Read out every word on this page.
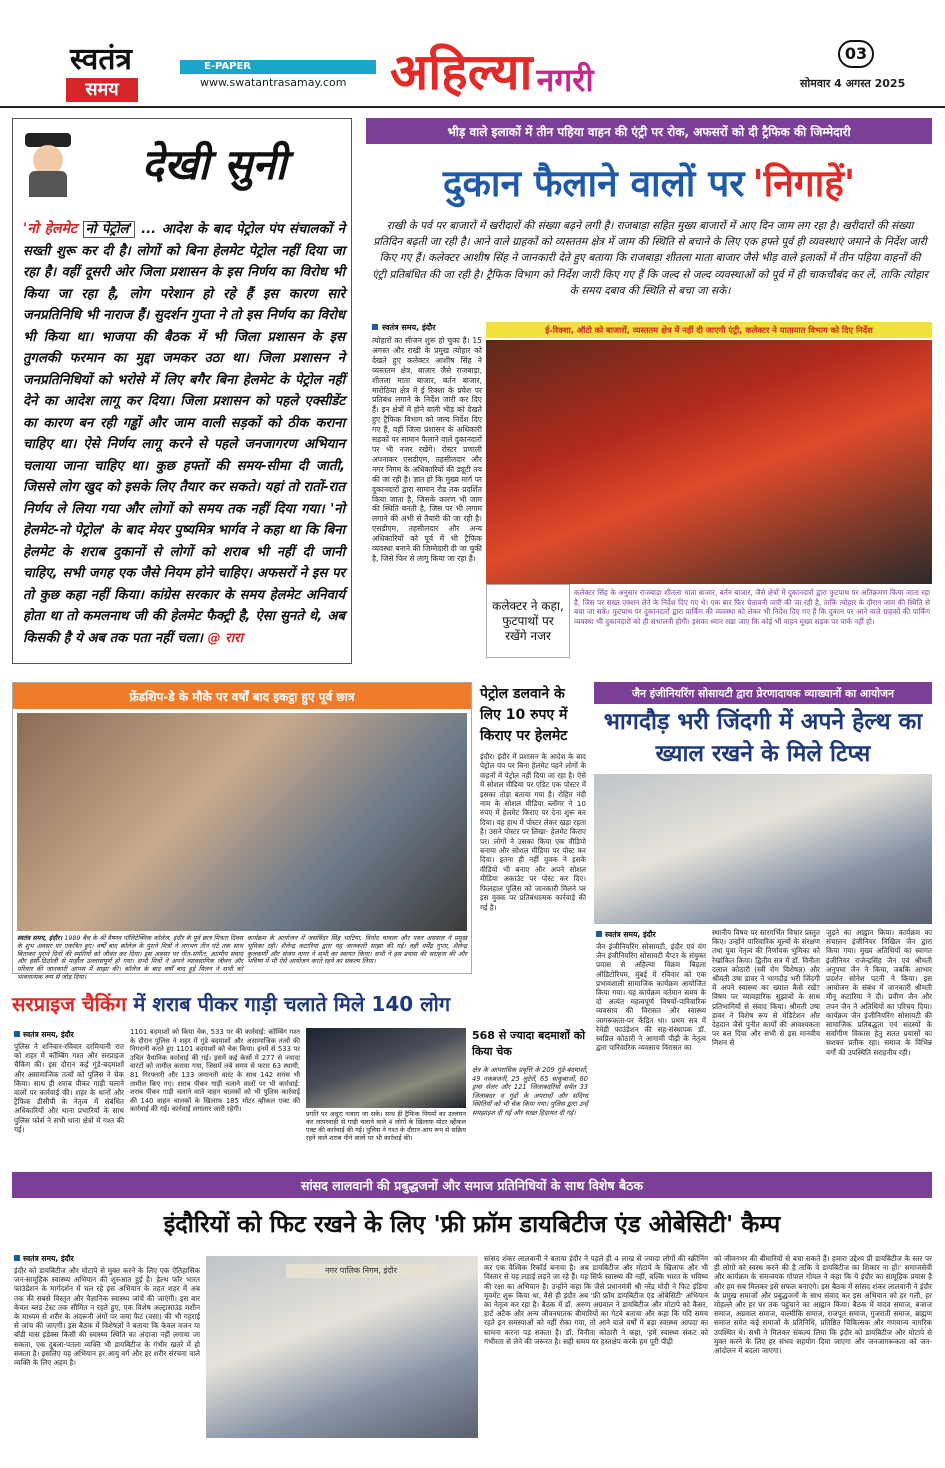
स्वतंत्र
समय
E-PAPER
www.swatantrasamay.com अहिल्या नगरी
03
सोमवार 4 अगस्त 2025
देखी सुनी
'नो हेलमेट नो पेट्रोल' ... आदेश के बाद पेट्रोल पंप संचालकों ने सख्ती शुरू कर दी है। लोगों को बिना हेलमेट पेट्रोल नहीं दिया जा रहा है। वहीं दूसरी ओर जिला प्रशासन के इस निर्णय का विरोध भी किया जा रहा है, लोग परेशान हो रहे हैं इस कारण सारे जनप्रतिनिधि भी नाराज हैं। सुदर्शन गुप्ता ने तो इस निर्णय का विरोध भी किया था। भाजपा की बैठक में भी जिला प्रशासन के इस तुगलकी फरमान का मुद्दा जमकर उठा था। जिला प्रशासन ने जनप्रतिनिधियों को भरोसे में लिए बगैर बिना हेलमेट के पेट्रोल नहीं देने का आदेश लागू कर दिया। जिला प्रशासन को पहले एक्सीडेंट का कारण बन रही गड्ढों और जाम वाली सड़कों को ठीक कराना चाहिए था। ऐसे निर्णय लागू करने से पहले जनजागरण अभियान चलाया जाना चाहिए था। कुछ हफ्तों की समय-सीमा दी जाती, जिससे लोग खुद को इसके लिए तैयार कर सकते। यहां तो रातों-रात निर्णय ले लिया गया और लोगों को समय तक नहीं दिया गया। 'नो हेलमेट-नो पेट्रोल' के बाद मेयर पुष्यमित्र भार्गव ने कहा था कि बिना हेलमेट के शराब दुकानों से लोगों को शराब भी नहीं दी जानी चाहिए, सभी जगह एक जैसे नियम होने चाहिए। अफसरों ने इस पर तो कुछ कहा नहीं किया। कांग्रेस सरकार के समय हेलमेट अनिवार्य होता था तो कमलनाथ जी की हेलमेट फैक्ट्री है, ऐसा सुनते थे, अब किसकी है ये अब तक पता नहीं चला। @ रारा
भीड़ वाले इलाकों में तीन पहिया वाहन की एंट्री पर रोक, अफसरों को दी ट्रैफिक की जिम्मेदारी
दुकान फैलाने वालों पर 'निगाहें'
राखी के पर्व पर बाजारों में खरीदारों की संख्या बढ़ने लगी है। राजबाड़ा सहित मुख्य बाजारों में आए दिन जाम लग रहा है। खरीदारों की संख्या प्रतिदिन बढ़ती जा रही है। आने वाले ग्राहकों को व्यस्ततम क्षेत्र में जाम की स्थिति से बचाने के लिए एक हफ्ते पूर्व ही व्यवस्थाएं जमाने के निर्देश जारी किए गए हैं। कलेक्टर आशीष सिंह ने जानकारी देते हुए बताया कि राजबाड़ा शीतला माता बाजार जैसे भीड़ वाले इलाकों में तीन पहिया वाहनों की एंट्री प्रतिबंधित की जा रही है। ट्रैफिक विभाग को निर्देश जारी किए गए हैं कि जल्द से जल्द व्यवस्थाओं को पूर्व में ही चाकचौबंद कर लें, ताकि त्योहार के समय दबाव की स्थिति से बचा जा सके।
स्वतंत्र समय, इंदौर
त्योहारों का सीजन शुरू हो चुका है। 15 अगस्त और राखी के प्रमुख त्योहार को देखते हुए कलेक्टर आशीष सिंह ने व्यस्ततम क्षेत्र, बाजार जैसे राजबाड़ा, शीतला माता बाजार, बर्तन बाजार, मारोठिया क्षेत्र में ई रिक्शा के प्रवेश पर प्रतिबंध लगाने के निर्देश जारी कर दिए हैं। इन क्षेत्रों में होने वाली भीड़ को देखते हुए ट्रैफिक विभाग को जल्द निर्देश दिए गए हैं, वहीं जिला प्रशासन के अधिकारी सड़कों पर सामान फैलाने वाले दुकानदारों पर भी नजर रखेंगे। रोस्टर प्रणाली अपनाकर एसडीएम, तहसीलदार और नगर निगम के अधिकारियों की ड्यूटी तय की जा रही है। ज्ञात हो कि मुख्य मार्ग पर दुकानदारों द्वारा सामान रोड तक प्रदर्शित किया जाता है, जिसके कारण भी जाम की स्थिति बनती है, जिस पर भी लगाम लगाने की अभी से तैयारी की जा रही है। एसडीएम, तहसीलदार और अन्य अधिकारियों को पूर्व में भी ट्रैफिक व्यवस्था बनाने की जिम्मेदारी दी जा चुकी है, जिसे फिर से लागू किया जा रहा है।
ई-रिक्शा, ऑटो को बाजारों, व्यस्ततम क्षेत्र में नहीं दी जाएगी एंट्री, कलेक्टर ने यातायात विभाग को दिए निर्देश
कलेक्टर ने कहा, फुटपाथों पर रखेंगे नजर
कलेक्टर सिंह के अनुसार राजबाड़ा शीतला माता बाजार, बर्तन बाजार, जैसे क्षेत्रों में दुकानदारों द्वारा फुटपाथ पर अतिक्रमण किया जाता रहा है, जिस पर सख्त एक्शन लेने के निर्देश दिए गए थे। एक बार फिर चेतावनी जारी की जा रही है, ताकि त्योहार के दौरान जाम की स्थिति से बचा जा सके। फुटपाथ पर दुकानदारों द्वारा पार्किंग की व्यवस्था को लेकर भी निर्देश दिए गए हैं कि दुकान पर आने वाले ग्राहकों की पार्किंग व्यवस्था भी दुकानदारों को ही संभालनी होगी। इसका ध्यान रखा जाए कि कोई भी वाहन मुख्य सड़क पर पार्क नहीं हो।
फ्रेंडशिप-डे के मौके पर वर्षों बाद इकट्ठा हुए पूर्व छात्र
स्वतंत्र समय, इंदौर। 1989 बैच के श्री वैष्णव पॉलिटेक्निक कॉलेज, इंदौर के पूर्व छात्र मित्रता दिवस के शुभ अवसर पर एकत्रित हुए। वर्षों बाद कॉलेज के पुराने मित्रों ने लगभग तीन घंटे तक साथ बिताकर पुराने दिनों की स्मृतियों को जीवंत कर दिया। इस अवसर पर गीत-संगीत, आत्मीय संवाद और हंसी-ठिठोली से माहौल उल्लासपूर्ण हो गया। सभी मित्रों ने अपने व्यावसायिक जीवन और परिवार की जानकारी आपस में साझा की। कॉलेज के बाद वर्षों बाद हुई मिलन ने सभी को भावनात्मक रूप से जोड़ दिया।
कार्यक्रम के आयोजन में जसविंदर सिंह भाटिया, विनोद चावला और पवन अग्रवाल ने प्रमुख भूमिका रही। शैलेन्द्र कटारिया द्वारा यह जानकारी साझा की गई। वहीं धर्मेंद्र गुप्ता, शैलेन्द्र कुलकर्णी और संजय नागर ने सभी का स्वागत किया। सभी ने इस प्रयास की सराहना की और भविष्य में भी ऐसे आयोजन करते रहने का संकल्प लिया।
पेट्रोल डलवाने के लिए 10 रुपए में किराए पर हेलमेट
इंदौर। इंदौर में प्रशासन के आदेश के बाद पेट्रोल पंप पर बिना हेलमेट पहने लोगों के वाहनों में पेट्रोल नहीं दिया जा रहा है। ऐसे में सोशल मीडिया पर एडिट एक पोस्टर में इसका तोड़ा बताया गया है। रोहित नंदी नाम के सोशल मीडिया ब्लॉगर ने 10 रुपए में हेलमेट किराए पर देना शुरू कर दिया। वह हाथ में पोस्टर लेकर खड़ा रहता है। उसने पोस्टर पर लिखा- हेलमेट किराए पर। लोगों ने उसका किया एक वीडियो बनाया और सोशल मीडिया पर पोस्ट कर दिया। इतना ही नहीं युवक ने इसके वीडियो भी बनाए और अपने सोशल मीडिया अकाउंट पर पोस्ट कर दिए। फिलहाल पुलिस को जानकारी मिलने पर इस युवक पर प्रतिबंधात्मक कार्रवाई की गई है।
जैन इंजीनियरिंग सोसायटी द्वारा प्रेरणादायक व्याख्यानों का आयोजन
भागदौड़ भरी जिंदगी में अपने हेल्थ का ख्याल रखने के मिले टिप्स
स्वतंत्र समय, इंदौर
जैन इंजीनियरिंग सोसायटी, इंदौर एवं यंग जैन इंजीनियरिंग सोसायटी चैप्टर के संयुक्त प्रयास से अहिल्या विक्रम बिड़ला ऑडिटोरियम, मुंबई में रविवार को एक प्रभावशाली सामाजिक कार्यक्रम आयोजित किया गया। यह कार्यक्रम वर्तमान समय के दो अत्यंत महत्वपूर्ण विषयों-पारिवारिक व्यवसाय की विरासत और स्वास्थ्य जागरूकता-पर केंद्रित था। प्रथम सत्र में रेमेडी फाउंडेशन की सह-संस्थापक डॉ. स्वप्निल कोठारी ने आगामी पीढ़ी के नेतृत्व द्वारा पारिवारिक व्यवसाय विरासत का
स्थानीय विषय पर सारगर्भित विचार प्रस्तुत किए। उन्होंने पारिवारिक मूल्यों के संरक्षण तथा युवा नेतृत्व की निर्णायक भूमिका को रेखांकित किया। द्वितीय सत्र में डॉ. विनीता दलाल कोठारी (स्त्री रोग विशेषज्ञ) और श्रीमती उषा डावर ने भागदौड़ भरी जिंदगी में अपने स्वास्थ्य का ख्याल कैसे रखें? विषय पर व्यावहारिक सुझावों के साथ प्रतिभागियों से संवाद किया। श्रीमती उषा डावर ने विशेष रूप से मेडिटेशन और देहदान जैसे पुनीत कार्यों की आवश्यकता पर बल दिया और सभी से इस मानवीय मिशन से
जुड़ने का आह्वान किया। कार्यक्रम का संचालन इंजीनियर निखिल जैन द्वारा किया गया। मुख्य अतिथियों का स्वागत इंजीनियर राजेन्द्रसिंह जैन एवं श्रीमती अनुपमा जैन ने किया, जबकि आभार प्रदर्शन सोनेश पटनी ने किया। इस आयोजन के संबंध में जानकारी श्रीमती मीनू कटारिया ने दी। प्रवीण जैन और तपन जैन ने अतिथियों का परिचय दिया। कार्यक्रम जैन इंजीनियरिंग सोसायटी की सामाजिक प्रतिबद्धता एवं सदस्यों के सर्वांगीण विकास हेतु सतत प्रयासों का सशक्त प्रतीक रहा। समाज के विभिन्न वर्गों की उपस्थिति सराहनीय रही।
सरप्राइज चैकिंग में शराब पीकर गाड़ी चलाते मिले 140 लोग
स्वतंत्र समय, इंदौर
पुलिस ने शनिवार-रविवार दरमियानी रात को शहर में कॉम्बिंग गश्त और सरप्राइज चैकिंग की। इस दौरान कई गुंडे-बदमाशों और असामाजिक तत्वों को पुलिस ने चेक किया। साथ ही शराब पीकर गाड़ी चलाने वालों पर कार्रवाई की। शहर के थानों और ट्रैफिक डीसीपी के नेतृत्व में संबंधित अधिकारियों और थाना प्रभारियों के साथ पुलिस फोर्स ने सभी थाना क्षेत्रों में गश्त की गई।
1101 बदमाशों को किया चेक, 533 पर की कार्रवाई: कॉम्बिंग गश्त के दौरान पुलिस ने शहर में गुंडे बदमाशों और असामाजिक तत्वों की निगरानी करते हुए 1101 बदमाशों को चेक किया। इनमें से 533 पर उचित वैधानिक कार्रवाई की गई। इसमें कई केसों में 277 से ज्यादा वारंटों को तामील कराया गया, जिसमें लंबे समय से फरार 63 स्थायी, 81 गिरफ्तारी और 133 जमानती वारंट के साथ 142 समंस भी तामील किए गए। शराब पीकर गाड़ी चलाने वालों पर भी कार्रवाई: शराब पीकर गाड़ी चलाने वाले वाहन चालकों को भी पुलिस कार्रवाई की 140 वाहन चालकों के खिलाफ 185 मोटर व्हीकल एक्ट की कार्रवाई की गई। कार्रवाई लगातार जारी रहेगी।
प्रगति पर अधूरा नजारा जा सके। साथ ही ट्रैफिक नियमों का उल्लंघन कर लापरवाही से गाड़ी चलाने वाले 4 लोगों के खिलाफ मोटर व्हीकल एक्ट की कार्रवाई की गई। पुलिस ने गश्त के दौरान आम रूप से सक्रिय रहने वाले शराब पीने वालों पर भी कार्रवाई की।
568 से ज्यादा बदमाशों को किया चेक
क्षेत्र के आपराधिक प्रवृत्ति के 209 गुंडे-बदमाशों, 49 नकबजनी, 25 लुटेरों, 65 चाकूबाजों, 60 ड्रग्स सेलर और 121 जिलाबदरियों समेत 33 जिलाबदर व गुंडों के अपराधों और संदिग्ध स्थितियों को भी चेक किया गया। पुलिस द्वारा उन्हें समझाइश दी गई और सख्त हिदायत दी गई।
सांसद लालवानी की प्रबुद्धजनों और समाज प्रतिनिधियों के साथ विशेष बैठक
इंदौरियों को फिट रखने के लिए 'फ्री फ्रॉम डायबिटीज एंड ओबेसिटी' कैम्प
स्वतंत्र समय, इंदौर
इंदौर को डायबिटीज और मोटापे से मुक्त करने के लिए एक ऐतिहासिक जन-सामूहिक स्वास्थ्य अभियान की शुरुआत हुई है। हेल्थ फॉर भारत फाउंडेशन के मार्गदर्शन में चल रहे इस अभियान के तहत शहर में अब तक की सबसे विस्तृत और वैज्ञानिक स्वास्थ्य जांचें की जाएंगी। इस बार केवल ब्लड टेस्ट तक सीमित न रहते हुए, एक विशेष अल्ट्रासाउंड मशीन के माध्यम से शरीर के अंदरूनी अंगों पर जमा फैट (वसा) की भी गहराई से जांच की जाएगी। इस बैठक में विशेषज्ञों ने बताया कि केवल वजन या बॉडी मास इंडेक्स किसी की स्वास्थ्य स्थिति का अंदाजा नहीं लगाया जा सकता, एक दुबला-पतला व्यक्ति भी डायबिटीज के गंभीर खतरे में हो सकता है। इसलिए यह अभियान हर आयु वर्ग और हर शरीर संरचना वाले व्यक्ति के लिए अहम है।
नगर पालिक निगम, इंदौर
सांसद शंकर लालवानी ने बताया इंदौर ने पहले ही 4 लाख से ज्यादा लोगों की स्क्रीनिंग कर एक वैश्विक रिकॉर्ड बनाया है। अब डायबिटीज और मोटापे के खिलाफ और भी विस्तार से यह लड़ाई लड़ने जा रहे हैं। यह सिर्फ स्वास्थ्य की नहीं, बल्कि भारत के भविष्य की रक्षा का अभियान है। उन्होंने कहा कि जैसे प्रधानमंत्री श्री नरेंद्र मोदी ने फिट इंडिया मूवमेंट शुरू किया था, वैसे ही इंदौर अब 'फ्री फ्रॉम डायबिटीज एंड ओबेसिटी' अभियान का नेतृत्व कर रहा है। बैठक में डॉ. अरुण अग्रवाल ने डायबिटीज और मोटापे को कैंसर, हार्ट अटैक और अन्य जीवनघातक बीमारियों का गेटवे बताया और कहा कि यदि समय रहते इन समस्याओं को नहीं रोका गया, तो आने वाले वर्षों में बड़ा स्वास्थ्य आपदा का सामना करना पड़ सकता है। डॉ. विनीता कोठारी ने कहा, 'हमें स्वास्थ्य संकट को गंभीरता से लेने की जरूरत है। सही समय पर हस्तक्षेप करके हम पूरी पीढ़ी
को जीवनभर की बीमारियों से बचा सकते हैं। हमारा उद्देश्य प्री डायबिटीज के स्तर पर ही लोगों को स्वस्थ करने की है ताकि वे डायबिटीज का शिकार ना हों।' समाजसेवी और कार्यक्रम के समन्वयक गोपाल गोयल ने कहा कि ये इंदौर का सामूहिक प्रयास है और हम सब मिलकर इसे सफल बनाएंगे। इस बैठक में सांसद शंकर लालवानी ने इंदौर के प्रमुख समाजों और प्रबुद्धजनों के साथ संवाद कर इस अभियान को हर गली, हर मोहल्ले और हर घर तक पहुंचाने का आह्वान किया। बैठक में यादव समाज, बजाज समाज, अग्रवाल समाज, वाल्मीकि समाज, राजपूत समाज, गुजराती समाज, ब्राह्मण समाज समेत कई समाजों के प्रतिनिधि, प्रतिष्ठित चिकित्सक और गणमान्य नागरिक उपस्थित थे। सभी ने मिलकर संकल्प लिया कि इंदौर को डायबिटीज और मोटापे से मुक्त करने के लिए हर संभव सहयोग दिया जाएगा और जनजागरूकता को जन-आंदोलन में बदला जाएगा।
